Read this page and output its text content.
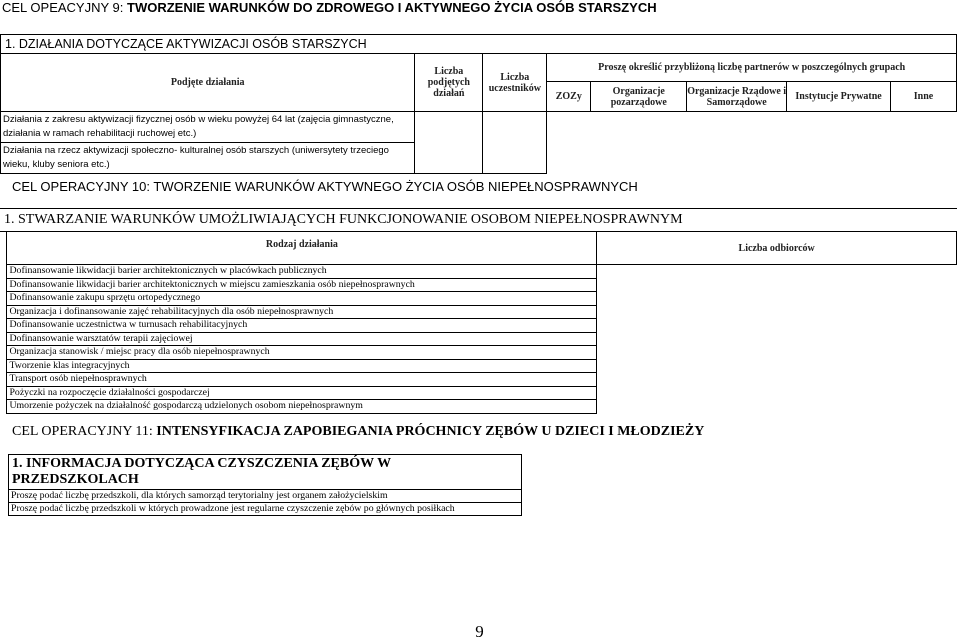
CEL OPEACYJNY 9: TWORZENIE WARUNKÓW DO ZDROWEGO I AKTYWNEGO ŻYCIA OSÓB STARSZYCH
1. DZIAŁANIA DOTYCZĄCE AKTYWIZACJI OSÓB STARSZYCH							
Podjęte działania	Liczba podjętych działań	Liczba uczestników	Proszę określić przybliżoną liczbę partnerów w poszczególnych grupach				
			ZOZy	Organizacje pozarządowe	Organizacje Rządowe i Samorządowe	Instytucje Prywatne	Inne
Działania z zakresu aktywizacji fizycznej osób w wieku powyżej 64 lat (zajęcia gimnastyczne, działania w ramach rehabilitacji ruchowej etc.)							
Działania na rzecz aktywizacji społeczno- kulturalnej osób starszych (uniwersytety trzeciego wieku, kluby seniora etc.)							
CEL OPERACYJNY 10: TWORZENIE WARUNKÓW AKTYWNEGO ŻYCIA OSÓB NIEPEŁNOSPRAWNYCH
1. STWARZANIE WARUNKÓW UMOŻLIWIAJĄCYCH FUNKCJONOWANIE OSOBOM NIEPEŁNOSPRAWNYM		
	Rodzaj działania	Liczba odbiorców

	Dofinansowanie likwidacji barier architektonicznych w placówkach publicznych	
	Dofinansowanie likwidacji barier architektonicznych w miejscu zamieszkania osób niepełnosprawnych	
	Dofinansowanie zakupu sprzętu ortopedycznego	
	Organizacja i dofinansowanie zajęć rehabilitacyjnych dla osób niepełnosprawnych	
	Dofinansowanie uczestnictwa w turnusach rehabilitacyjnych	
	Dofinansowanie warsztatów terapii zajęciowej	
	Organizacja stanowisk / miejsc pracy dla osób niepełnosprawnych	
	Tworzenie klas integracyjnych	
	Transport osób niepełnosprawnych	
	Pożyczki na rozpoczęcie działalności gospodarczej	
	Umorzenie pożyczek na działalność gospodarczą udzielonych osobom niepełnosprawnym	
CEL OPERACYJNY 11: INTENSYFIKACJA ZAPOBIEGANIA PRÓCHNICY ZĘBÓW U DZIECI I MŁODZIEŻY
1. INFORMACJA DOTYCZĄCA CZYSZCZENIA ZĘBÓW W PRZEDSZKOLACH
Proszę podać liczbę przedszkoli, dla których samorząd terytorialny jest organem założycielskim
Proszę podać liczbę przedszkoli w których prowadzone jest regularne czyszczenie zębów po głównych posiłkach
9
